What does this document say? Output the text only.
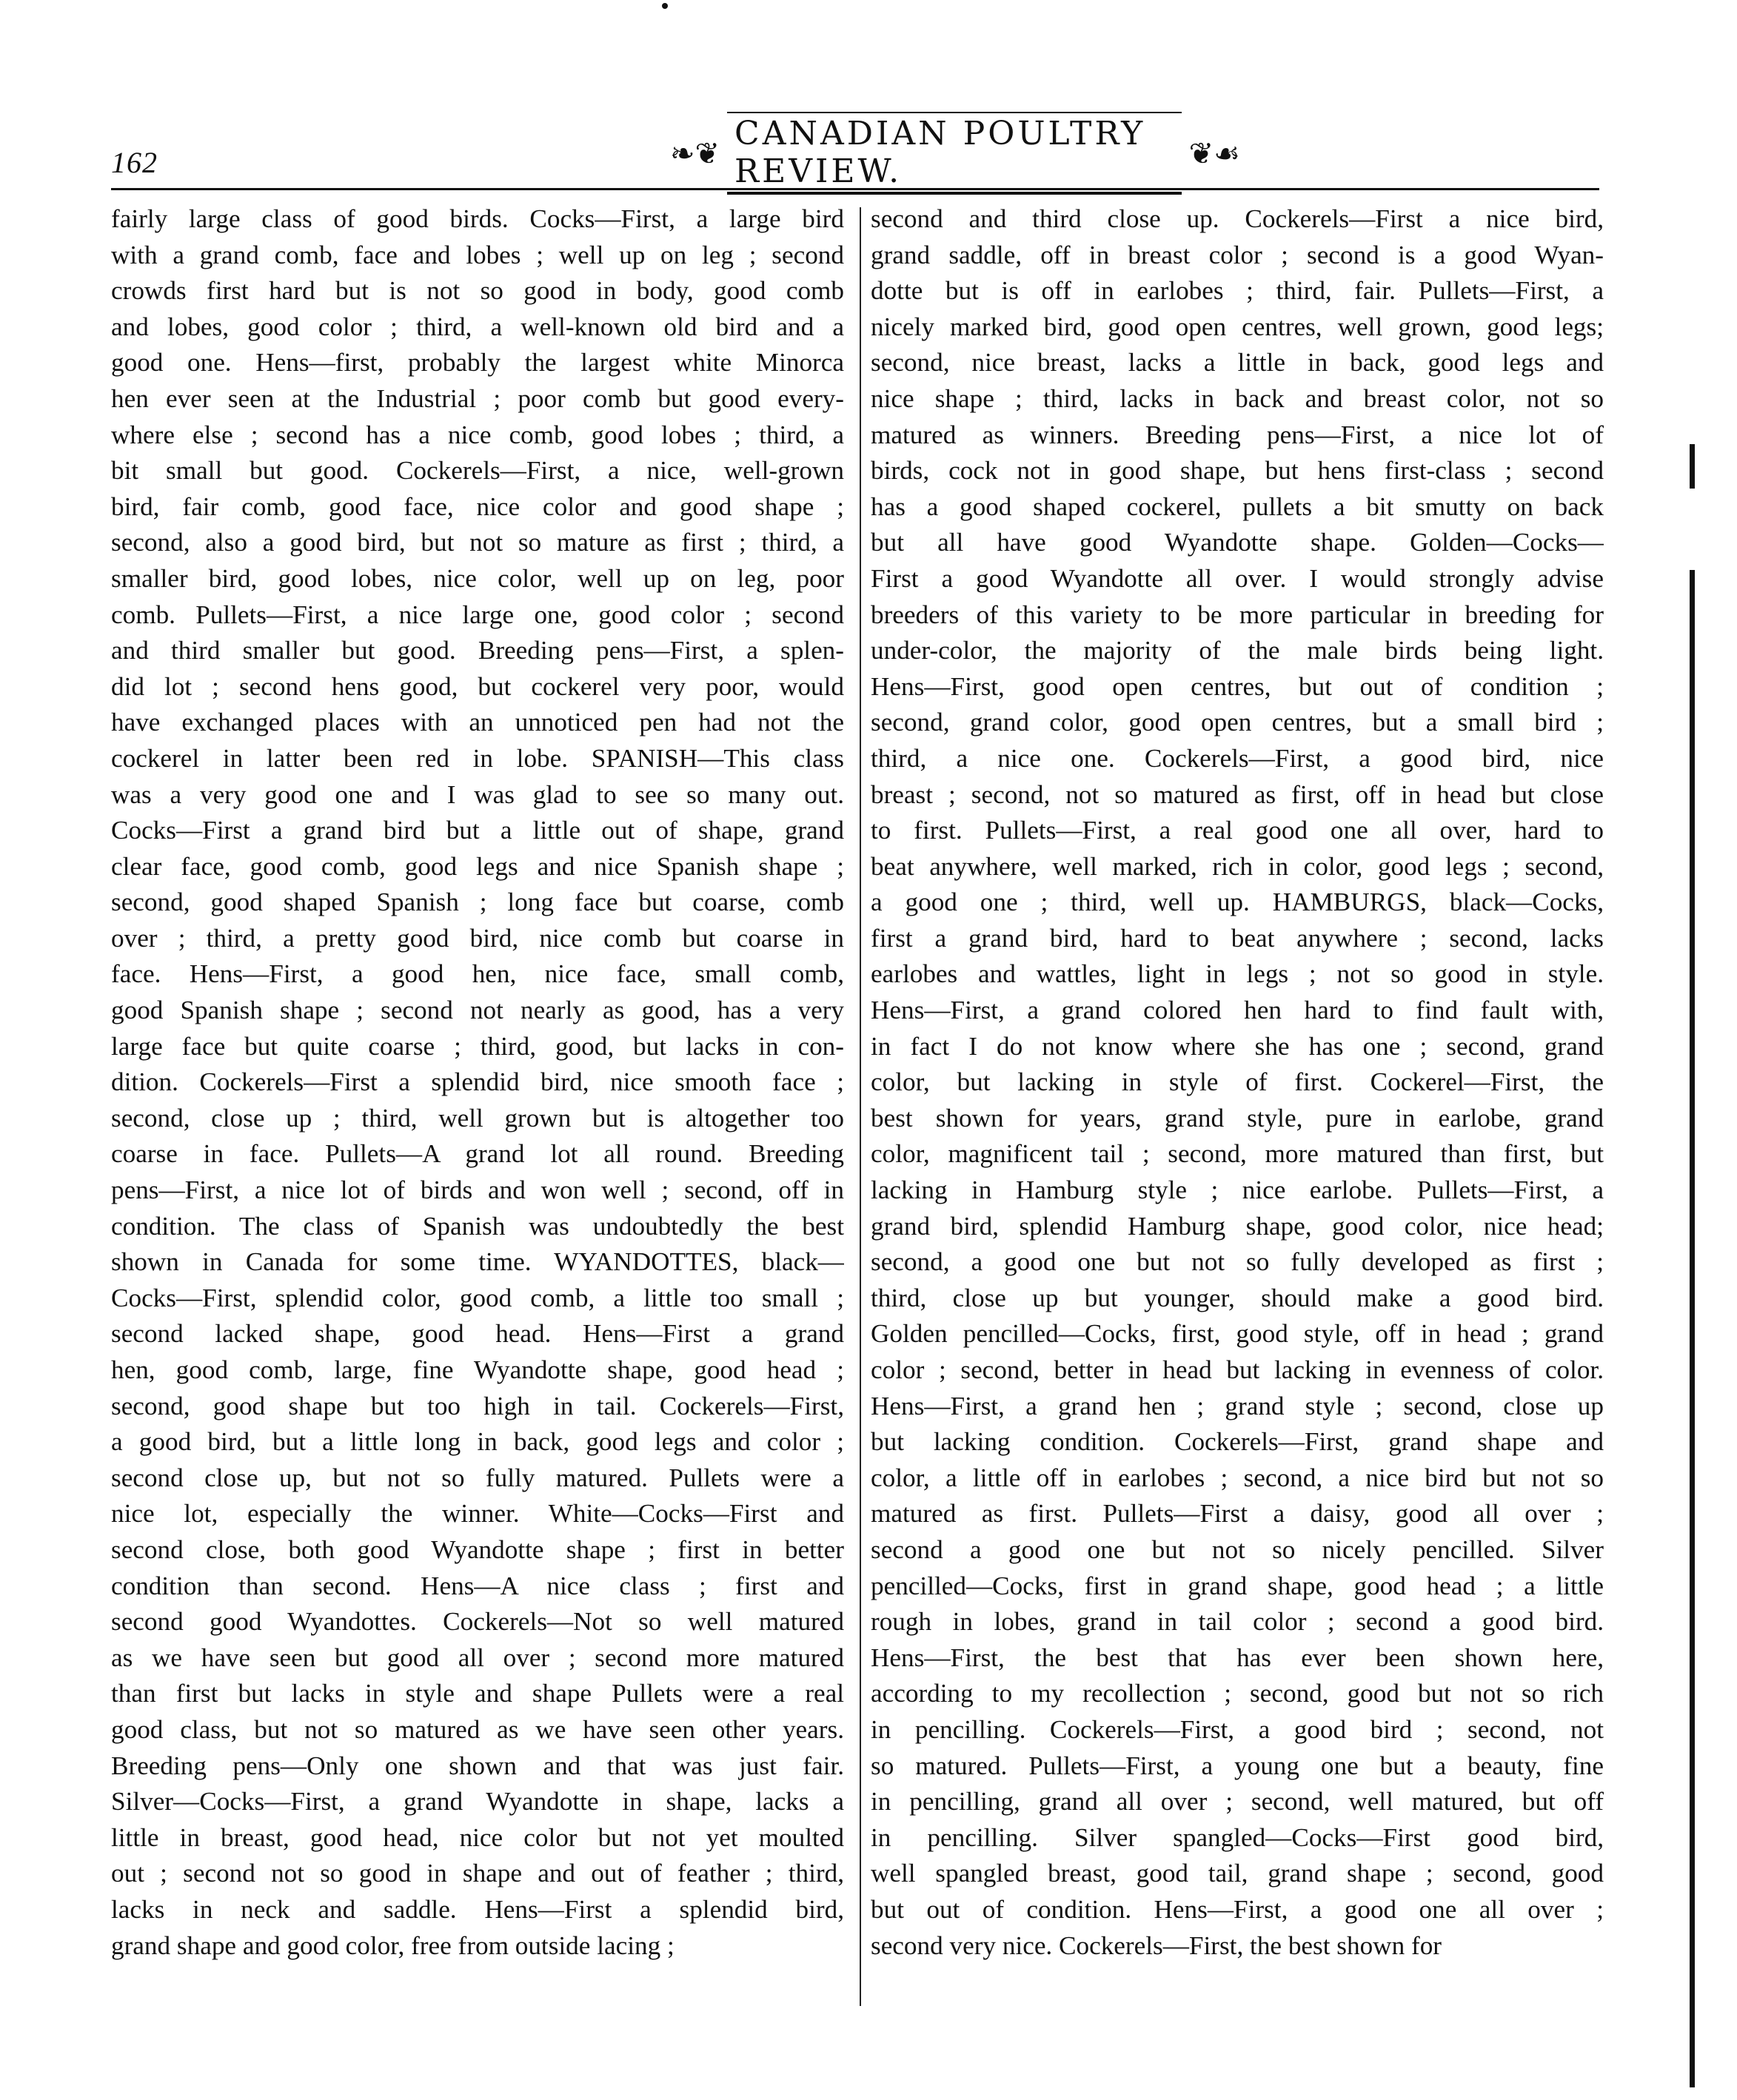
162	❧❦
CANADIAN POULTRY REVIEW.	❦☙
fairly large class of good birds. Cocks—First, a large bird
with a grand comb, face and lobes ; well up on leg ; second
crowds first hard but is not so good in body, good comb
and lobes, good color ; third, a well-known old bird and a
good one. Hens—first, probably the largest white Minorca
hen ever seen at the Industrial ; poor comb but good every-
where else ; second has a nice comb, good lobes ; third, a
bit small but good. Cockerels—First, a nice, well-grown
bird, fair comb, good face, nice color and good shape ;
second, also a good bird, but not so mature as first ; third, a
smaller bird, good lobes, nice color, well up on leg, poor
comb. Pullets—First, a nice large one, good color ; second
and third smaller but good. Breeding pens—First, a splen-
did lot ; second hens good, but cockerel very poor, would
have exchanged places with an unnoticed pen had not the
cockerel in latter been red in lobe. SPANISH—This class
was a very good one and I was glad to see so many out.
Cocks—First a grand bird but a little out of shape, grand
clear face, good comb, good legs and nice Spanish shape ;
second, good shaped Spanish ; long face but coarse, comb
over ; third, a pretty good bird, nice comb but coarse in
face. Hens—First, a good hen, nice face, small comb,
good Spanish shape ; second not nearly as good, has a very
large face but quite coarse ; third, good, but lacks in con-
dition. Cockerels—First a splendid bird, nice smooth face ;
second, close up ; third, well grown but is altogether too
coarse in face. Pullets—A grand lot all round. Breeding
pens—First, a nice lot of birds and won well ; second, off in
condition. The class of Spanish was undoubtedly the best
shown in Canada for some time. WYANDOTTES, black—
Cocks—First, splendid color, good comb, a little too small ;
second lacked shape, good head. Hens—First a grand
hen, good comb, large, fine Wyandotte shape, good head ;
second, good shape but too high in tail. Cockerels—First,
a good bird, but a little long in back, good legs and color ;
second close up, but not so fully matured. Pullets were a
nice lot, especially the winner. White—Cocks—First and
second close, both good Wyandotte shape ; first in better
condition than second. Hens—A nice class ; first and
second good Wyandottes. Cockerels—Not so well matured
as we have seen but good all over ; second more matured
than first but lacks in style and shape Pullets were a real
good class, but not so matured as we have seen other years.
Breeding pens—Only one shown and that was just fair.
Silver—Cocks—First, a grand Wyandotte in shape, lacks a
little in breast, good head, nice color but not yet moulted
out ; second not so good in shape and out of feather ; third,
lacks in neck and saddle. Hens—First a splendid bird,
grand shape and good color, free from outside lacing ;
second and third close up. Cockerels—First a nice bird,
grand saddle, off in breast color ; second is a good Wyan-
dotte but is off in earlobes ; third, fair. Pullets—First, a
nicely marked bird, good open centres, well grown, good legs;
second, nice breast, lacks a little in back, good legs and
nice shape ; third, lacks in back and breast color, not so
matured as winners. Breeding pens—First, a nice lot of
birds, cock not in good shape, but hens first-class ; second
has a good shaped cockerel, pullets a bit smutty on back
but all have good Wyandotte shape. Golden—Cocks—
First a good Wyandotte all over. I would strongly advise
breeders of this variety to be more particular in breeding for
under-color, the majority of the male birds being light.
Hens—First, good open centres, but out of condition ;
second, grand color, good open centres, but a small bird ;
third, a nice one. Cockerels—First, a good bird, nice
breast ; second, not so matured as first, off in head but close
to first. Pullets—First, a real good one all over, hard to
beat anywhere, well marked, rich in color, good legs ; second,
a good one ; third, well up. HAMBURGS, black—Cocks,
first a grand bird, hard to beat anywhere ; second, lacks
earlobes and wattles, light in legs ; not so good in style.
Hens—First, a grand colored hen hard to find fault with,
in fact I do not know where she has one ; second, grand
color, but lacking in style of first. Cockerel—First, the
best shown for years, grand style, pure in earlobe, grand
color, magnificent tail ; second, more matured than first, but
lacking in Hamburg style ; nice earlobe. Pullets—First, a
grand bird, splendid Hamburg shape, good color, nice head;
second, a good one but not so fully developed as first ;
third, close up but younger, should make a good bird.
Golden pencilled—Cocks, first, good style, off in head ; grand
color ; second, better in head but lacking in evenness of color.
Hens—First, a grand hen ; grand style ; second, close up
but lacking condition. Cockerels—First, grand shape and
color, a little off in earlobes ; second, a nice bird but not so
matured as first. Pullets—First a daisy, good all over ;
second a good one but not so nicely pencilled. Silver
pencilled—Cocks, first in grand shape, good head ; a little
rough in lobes, grand in tail color ; second a good bird.
Hens—First, the best that has ever been shown here,
according to my recollection ; second, good but not so rich
in pencilling. Cockerels—First, a good bird ; second, not
so matured. Pullets—First, a young one but a beauty, fine
in pencilling, grand all over ; second, well matured, but off
in pencilling. Silver spangled—Cocks—First good bird,
well spangled breast, good tail, grand shape ; second, good
but out of condition. Hens—First, a good one all over ;
second very nice. Cockerels—First, the best shown for
